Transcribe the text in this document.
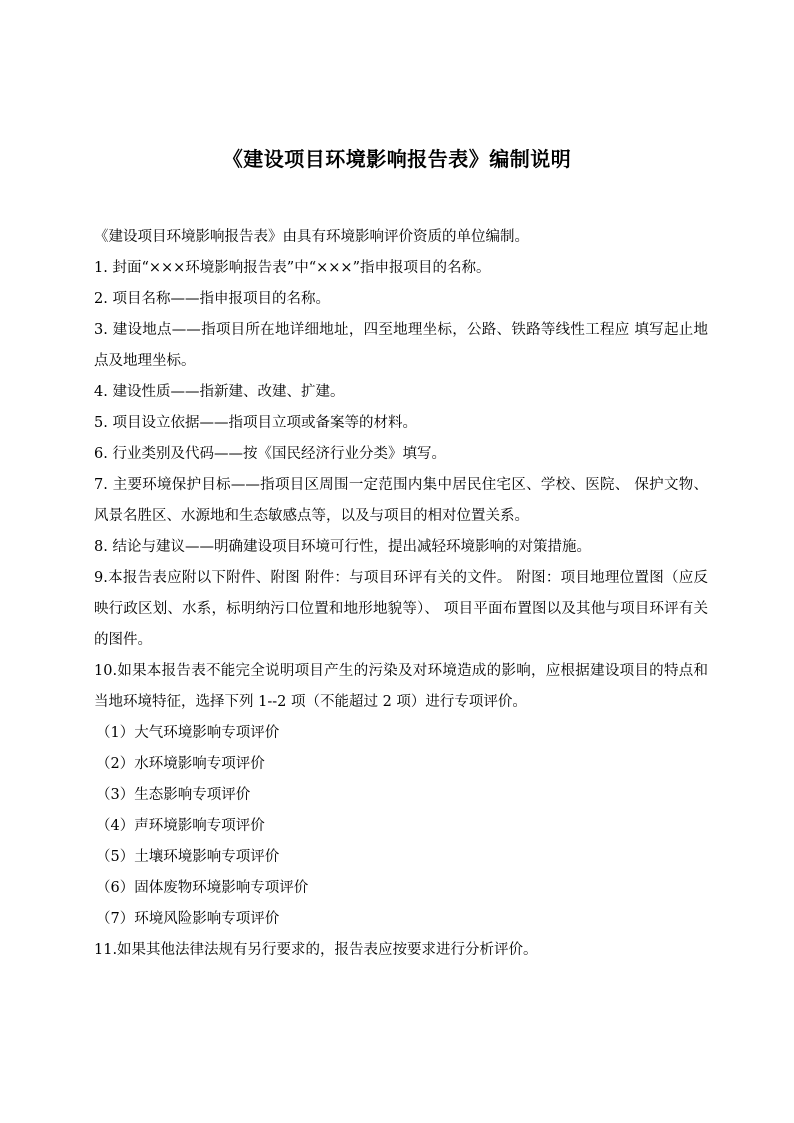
《建设项目环境影响报告表》编制说明

《建设项目环境影响报告表》由具有环境影响评价资质的单位编制。

1. 封面“×××环境影响报告表”中“×××”指申报项目的名称。

2. 项目名称——指申报项目的名称。

3. 建设地点——指项目所在地详细地址，四至地理坐标，公路、铁路等线性工程应 填写起止地点及地理坐标。

4. 建设性质——指新建、改建、扩建。

5. 项目设立依据——指项目立项或备案等的材料。

6. 行业类别及代码——按《国民经济行业分类》填写。

7. 主要环境保护目标——指项目区周围一定范围内集中居民住宅区、学校、医院、 保护文物、风景名胜区、水源地和生态敏感点等，以及与项目的相对位置关系。

8. 结论与建议——明确建设项目环境可行性，提出减轻环境影响的对策措施。

9.本报告表应附以下附件、附图 附件：与项目环评有关的文件。 附图：项目地理位置图（应反映行政区划、水系，标明纳污口位置和地形地貌等）、 项目平面布置图以及其他与项目环评有关的图件。

10.如果本报告表不能完全说明项目产生的污染及对环境造成的影响，应根据建设项目的特点和当地环境特征，选择下列 1--2 项（不能超过 2 项）进行专项评价。

（1）大气环境影响专项评价

（2）水环境影响专项评价

（3）生态影响专项评价

（4）声环境影响专项评价

（5）土壤环境影响专项评价

（6）固体废物环境影响专项评价

（7）环境风险影响专项评价

11.如果其他法律法规有另行要求的，报告表应按要求进行分析评价。
